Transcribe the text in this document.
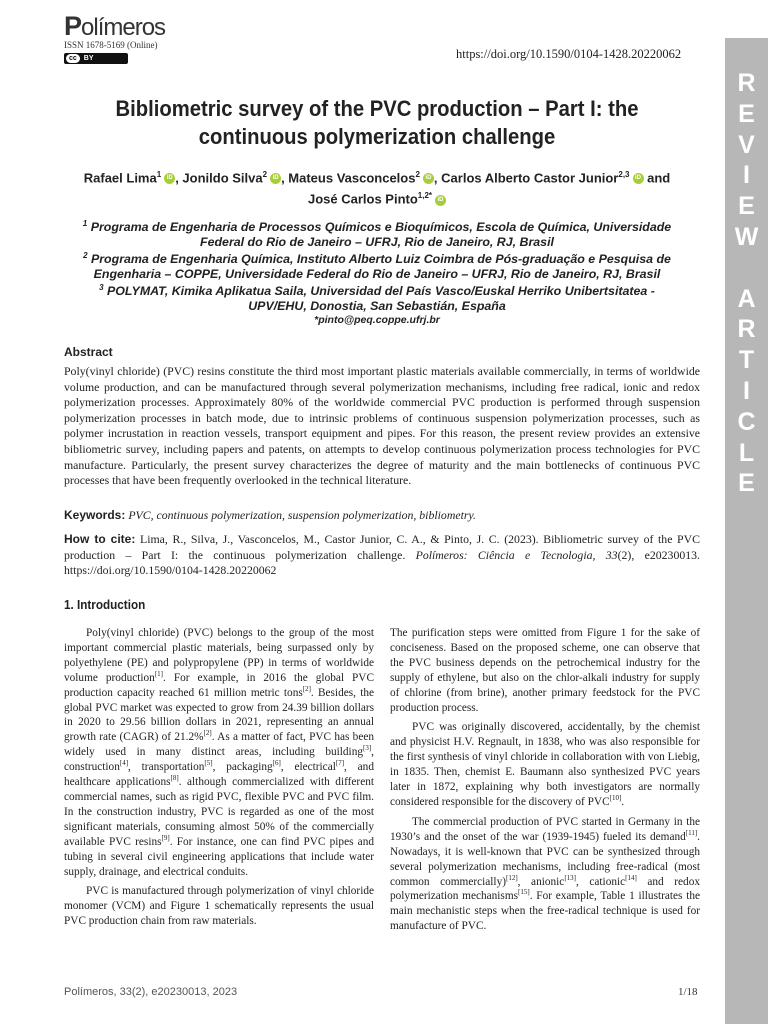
Polímeros
ISSN 1678-5169 (Online)
cc BY	https://doi.org/10.1590/0104-1428.20220062
R
E
V
I
E
W

A
R
T
I
C
L
E
Bibliometric survey of the PVC production – Part I: the continuous polymerization challenge
Rafael Lima$^1$ iD , Jonildo Silva$^2$ iD , Mateus Vasconcelos$^2$ iD , Carlos Alberto Castor Junior$^{2,3}$ iD and
José Carlos Pinto$^{1,2*}$ iD
$^1$ Programa de Engenharia de Processos Químicos e Bioquímicos, Escola de Química, Universidade Federal do Rio de Janeiro – UFRJ, Rio de Janeiro, RJ, Brasil
$^2$ Programa de Engenharia Química, Instituto Alberto Luiz Coimbra de Pós-graduação e Pesquisa de Engenharia – COPPE, Universidade Federal do Rio de Janeiro – UFRJ, Rio de Janeiro, RJ, Brasil
$^3$ POLYMAT, Kimika Aplikatua Saila, Universidad del País Vasco/Euskal Herriko Unibertsitatea - UPV/EHU, Donostia, San Sebastián, España
*pinto@peq.coppe.ufrj.br
Abstract
Poly(vinyl chloride) (PVC) resins constitute the third most important plastic materials available commercially, in terms of worldwide volume production, and can be manufactured through several polymerization mechanisms, including free radical, ionic and redox polymerization processes. Approximately 80% of the worldwide commercial PVC production is performed through suspension polymerization processes in batch mode, due to intrinsic problems of continuous suspension polymerization processes, such as polymer incrustation in reaction vessels, transport equipment and pipes. For this reason, the present review provides an extensive bibliometric survey, including papers and patents, on attempts to develop continuous polymerization process technologies for PVC manufacture. Particularly, the present survey characterizes the degree of maturity and the main bottlenecks of continuous PVC processes that have been frequently overlooked in the technical literature.
Keywords: PVC, continuous polymerization, suspension polymerization, bibliometry.
How to cite: Lima, R., Silva, J., Vasconcelos, M., Castor Junior, C. A., & Pinto, J. C. (2023). Bibliometric survey of the PVC production – Part I: the continuous polymerization challenge. Polímeros: Ciência e Tecnologia, 33(2), e20230013. https://doi.org/10.1590/0104-1428.20220062
1. Introduction

Poly(vinyl chloride) (PVC) belongs to the group of the most important commercial plastic materials, being surpassed only by polyethylene (PE) and polypropylene (PP) in terms of worldwide volume production[1]. For example, in 2016 the global PVC production capacity reached 61 million metric tons[2]. Besides, the global PVC market was expected to grow from 24.39 billion dollars in 2020 to 29.56 billion dollars in 2021, representing an annual growth rate (CAGR) of 21.2%[2]. As a matter of fact, PVC has been widely used in many distinct areas, including building[3], construction[4], transportation[5], packaging[6], electrical[7], and healthcare applications[8]. although commercialized with different commercial names, such as rigid PVC, flexible PVC and PVC film. In the construction industry, PVC is regarded as one of the most significant materials, consuming almost 50% of the commercially available PVC resins[9]. For instance, one can find PVC pipes and tubing in several civil engineering applications that include water supply, drainage, and electrical conduits.

PVC is manufactured through polymerization of vinyl chloride monomer (VCM) and Figure 1 schematically represents the usual PVC production chain from raw materials.

The purification steps were omitted from Figure 1 for the sake of conciseness. Based on the proposed scheme, one can observe that the PVC business depends on the petrochemical industry for the supply of ethylene, but also on the chlor-alkali industry for supply of chlorine (from brine), another primary feedstock for the PVC production process.

PVC was originally discovered, accidentally, by the chemist and physicist H.V. Regnault, in 1838, who was also responsible for the first synthesis of vinyl chloride in collaboration with von Liebig, in 1835. Then, chemist E. Baumann also synthesized PVC years later in 1872, explaining why both investigators are normally considered responsible for the discovery of PVC[10].

The commercial production of PVC started in Germany in the 1930’s and the onset of the war (1939-1945) fueled its demand[11]. Nowadays, it is well-known that PVC can be synthesized through several polymerization mechanisms, including free-radical (most common commercially)[12], anionic[13], cationic[14] and redox polymerization mechanisms[15]. For example, Table 1 illustrates the main mechanistic steps when the free-radical technique is used for manufacture of PVC.

Polímeros, 33(2), e20230013, 2023	1/18
